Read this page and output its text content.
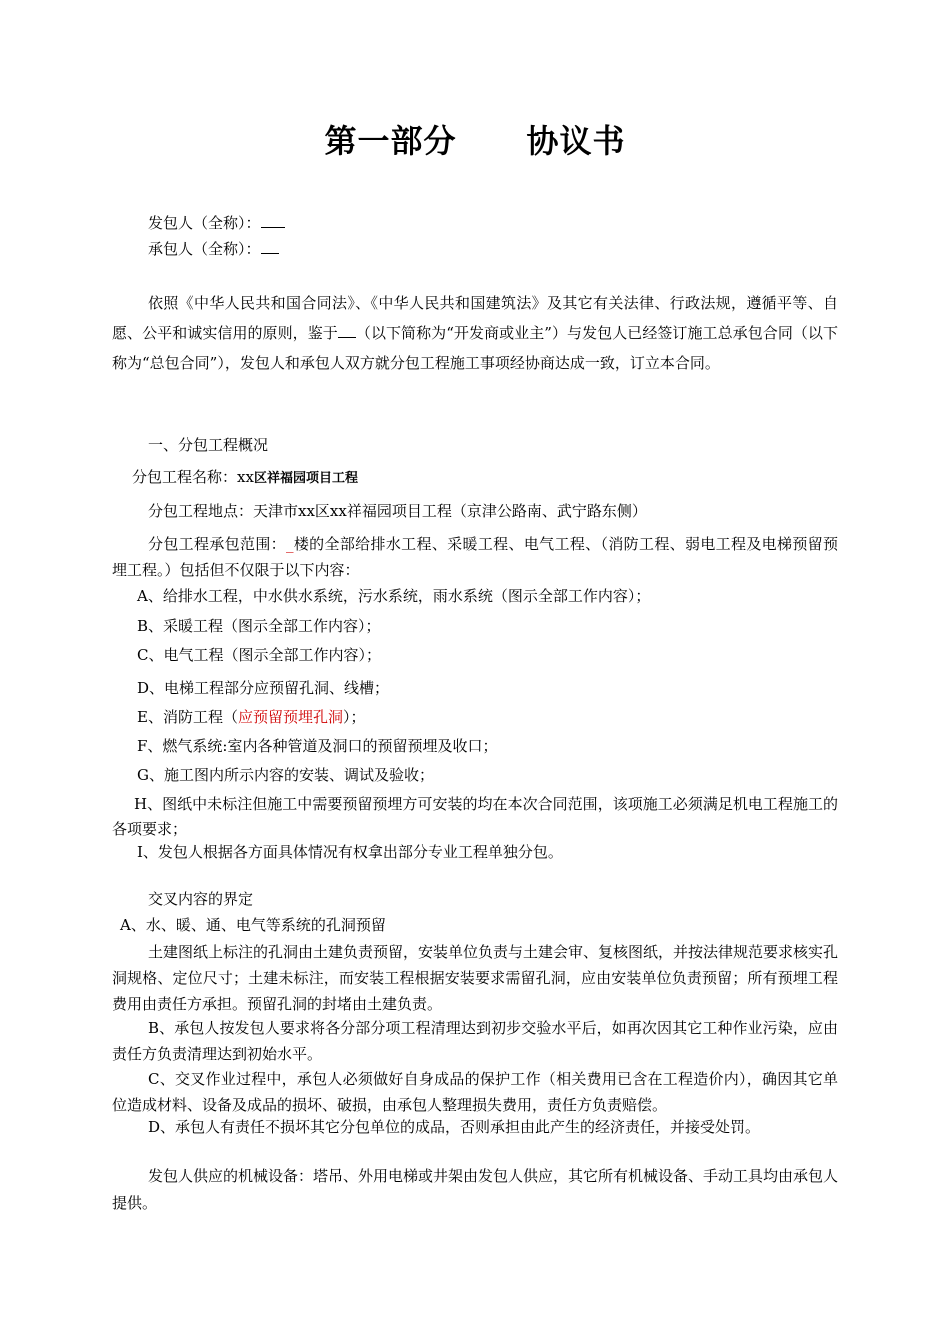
第一部分 协议书
发包人（全称）：
承包人（全称）：
依照《中华人民共和国合同法》、《中华人民共和国建筑法》及其它有关法律、行政法规，遵循平等、自愿、公平和诚实信用的原则，鉴于 （以下简称为“开发商或业主”）与发包人已经签订施工总承包合同（以下称为“总包合同”），发包人和承包人双方就分包工程施工事项经协商达成一致，订立本合同。
一、分包工程概况
分包工程名称：xx区祥福园项目工程
分包工程地点：天津市xx区xx祥福园项目工程（京津公路南、武宁路东侧）
分包工程承包范围：_楼的全部给排水工程、采暖工程、电气工程、（消防工程、弱电工程及电梯预留预埋工程。）包括但不仅限于以下内容：
A、给排水工程，中水供水系统，污水系统，雨水系统（图示全部工作内容）；
B、采暖工程（图示全部工作内容）；
C、电气工程（图示全部工作内容）；
D、电梯工程部分应预留孔洞、线槽；
E、消防工程（应预留预埋孔洞）；
F、燃气系统:室内各种管道及洞口的预留预埋及收口；
G、施工图内所示内容的安装、调试及验收；
H、图纸中未标注但施工中需要预留预埋方可安装的均在本次合同范围，该项施工必须满足机电工程施工的各项要求；
I、发包人根据各方面具体情况有权拿出部分专业工程单独分包。
交叉内容的界定
A、水、暖、通、电气等系统的孔洞预留
土建图纸上标注的孔洞由土建负责预留，安装单位负责与土建会审、复核图纸，并按法律规范要求核实孔洞规格、定位尺寸；土建未标注，而安装工程根据安装要求需留孔洞，应由安装单位负责预留；所有预埋工程费用由责任方承担。预留孔洞的封堵由土建负责。
B、承包人按发包人要求将各分部分项工程清理达到初步交验水平后，如再次因其它工种作业污染，应由责任方负责清理达到初始水平。
C、交叉作业过程中，承包人必须做好自身成品的保护工作（相关费用已含在工程造价内），确因其它单位造成材料、设备及成品的损坏、破损，由承包人整理损失费用，责任方负责赔偿。
D、承包人有责任不损坏其它分包单位的成品，否则承担由此产生的经济责任，并接受处罚。
发包人供应的机械设备：塔吊、外用电梯或井架由发包人供应，其它所有机械设备、手动工具均由承包人提供。
